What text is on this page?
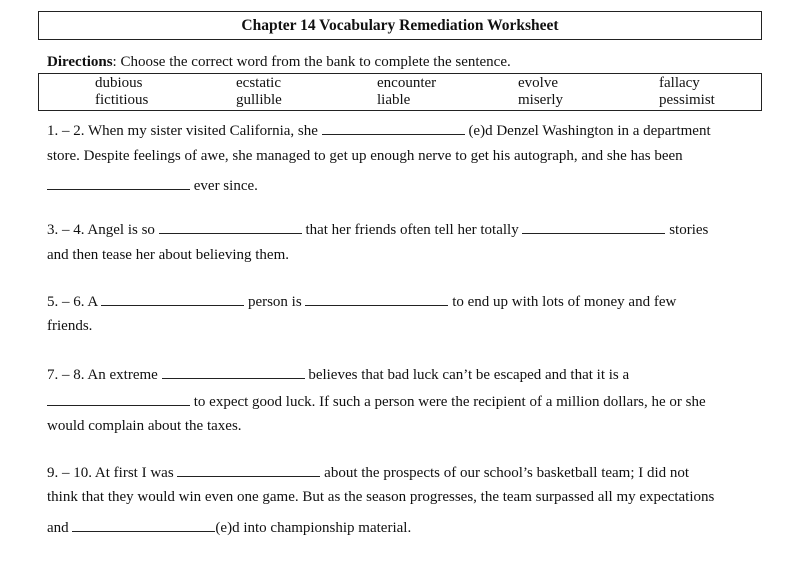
Chapter 14 Vocabulary Remediation Worksheet
Directions: Choose the correct word from the bank to complete the sentence.
dubious	ecstatic	encounter	evolve	fallacy
fictitious	gullible	liable	miserly	pessimist
1. – 2. When my sister visited California, she	(e)d Denzel Washington in a department
store. Despite feelings of awe, she managed to get up enough nerve to get his autograph, and she has been
ever since.
3. – 4. Angel is so	that her friends often tell her totally	stories
and then tease her about believing them.
5. – 6. A	person is	to end up with lots of money and few
friends.
7. – 8. An extreme	believes that bad luck can’t be escaped and that it is a
to expect good luck. If such a person were the recipient of a million dollars, he or she
would complain about the taxes.
9. – 10. At first I was	about the prospects of our school’s basketball team; I did not
think that they would win even one game. But as the season progresses, the team surpassed all my expectations
and	(e)d into championship material.
